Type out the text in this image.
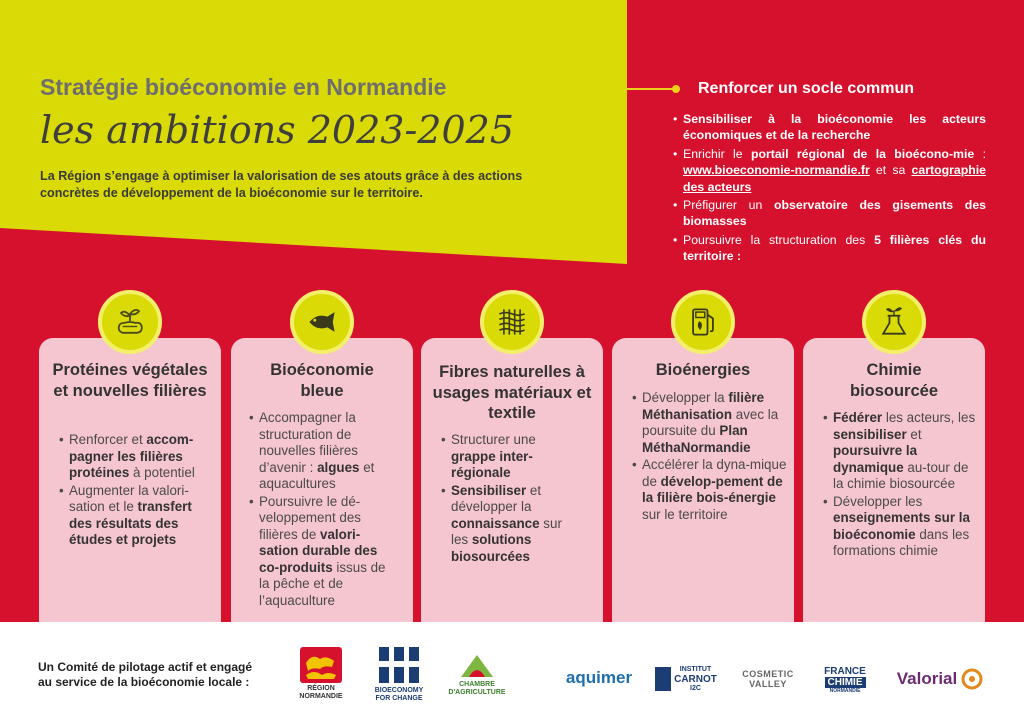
Stratégie bioéconomie en Normandie
les ambitions 2023-2025
La Région s’engage à optimiser la valorisation de ses atouts grâce à des actions concrètes de développement de la bioéconomie sur le territoire.
Renforcer un socle commun
• Sensibiliser à la bioéconomie les acteurs économiques et de la recherche
• Enrichir le portail régional de la bioécono-mie : www.bioeconomie-normandie.fr et sa cartographie des acteurs
• Préfigurer un observatoire des gisements des biomasses
• Poursuivre la structuration des 5 filières clés du territoire :
Protéines végétales et nouvelles filières
• Renforcer et accom-pagner les filières protéines à potentiel
• Augmenter la valori-sation et le transfert des résultats des études et projets
Bioéconomie bleue
• Accompagner la structuration de nouvelles filières d’avenir : algues et aquacultures
• Poursuivre le dé-veloppement des filières de valori-sation durable des co-produits issus de la pêche et de l’aquaculture
Fibres naturelles à usages matériaux et textile
• Structurer une grappe inter-régionale
• Sensibiliser et développer la connaissance sur les solutions biosourcées
Bioénergies
• Développer la filière Méthanisation avec la poursuite du Plan MéthaNormandie
• Accélérer la dyna-mique de dévelop-pement de la filière bois-énergie sur le territoire
Chimie biosourcée
• Fédérer les acteurs, les sensibiliser et poursuivre la dynamique au-tour de la chimie biosourcée
• Développer les enseignements sur la bioéconomie dans les formations chimie
Un Comité de pilotage actif et engagé
au service de la bioéconomie locale :	RÉGION
NORMANDIE
BIOECONOMY
FOR CHANGE
CHAMBRE
D'AGRICULTURE
aquimer	INSTITUT
CARNOT
I2C
COSMETIC
VALLEY
FRANCE
CHIMIE
NORMANDIE
Valorial
